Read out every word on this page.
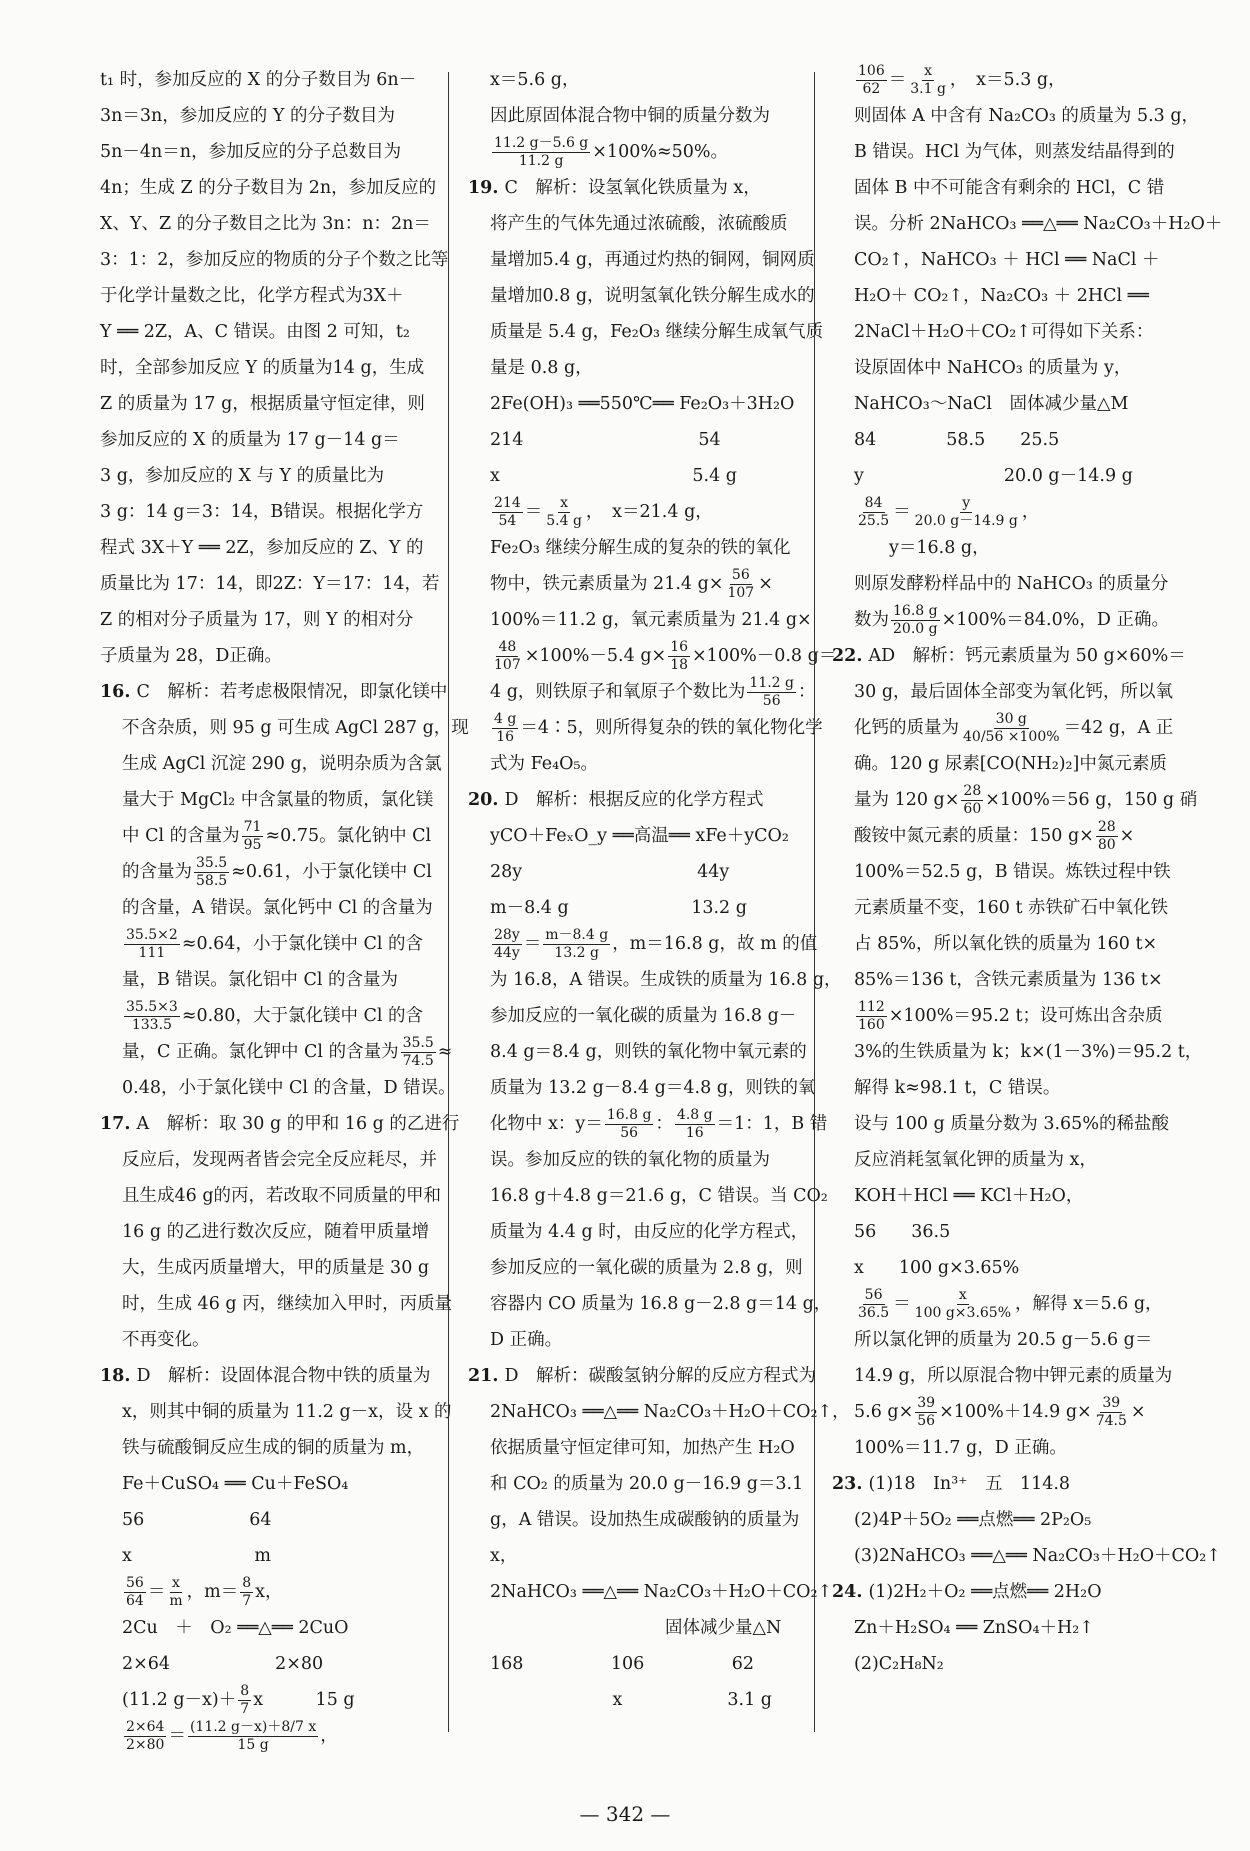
t₁ 时，参加反应的 X 的分子数目为 6n－
3n＝3n，参加反应的 Y 的分子数目为
5n－4n＝n，参加反应的分子总数目为
4n；生成 Z 的分子数目为 2n，参加反应的
X、Y、Z 的分子数目之比为 3n：n：2n＝
3：1：2，参加反应的物质的分子个数之比等
于化学计量数之比，化学方程式为3X＋
Y ══ 2Z，A、C 错误。由图 2 可知，t₂
时，全部参加反应 Y 的质量为14 g，生成
Z 的质量为 17 g，根据质量守恒定律，则
参加反应的 X 的质量为 17 g－14 g＝
3 g，参加反应的 X 与 Y 的质量比为
3 g：14 g＝3：14，B错误。根据化学方
程式 3X＋Y ══ 2Z，参加反应的 Z、Y 的
质量比为 17：14，即2Z：Y＝17：14，若
Z 的相对分子质量为 17，则 Y 的相对分
子质量为 28，D正确。
16. C　解析：若考虑极限情况，即氯化镁中
不含杂质，则 95 g 可生成 AgCl 287 g，现
生成 AgCl 沉淀 290 g，说明杂质为含氯
量大于 MgCl₂ 中含氯量的物质，氯化镁
中 Cl 的含量为 $\frac{71}{95} \approx 0.75$。氯化钠中 Cl
的含量为 $\frac{35.5}{58.5} \approx 0.61$，小于氯化镁中 Cl
的含量，A 错误。氯化钙中 Cl 的含量为
$\frac{35.5\times 2}{111} \approx 0.64$，小于氯化镁中 Cl 的含
量，B 错误。氯化铝中 Cl 的含量为
$\frac{35.5\times 3}{133.5} \approx 0.80$，大于氯化镁中 Cl 的含
量，C 正确。氯化钾中 Cl 的含量为 $\frac{35.5}{74.5}$ ≈
0.48，小于氯化镁中 Cl 的含量，D 错误。
17. A　解析：取 30 g 的甲和 16 g 的乙进行
反应后，发现两者皆会完全反应耗尽，并
且生成46 g的丙，若改取不同质量的甲和
16 g 的乙进行数次反应，随着甲质量增
大，生成丙质量增大，甲的质量是 30 g
时，生成 46 g 丙，继续加入甲时，丙质量
不再变化。
18. D　解析：设固体混合物中铁的质量为
x，则其中铜的质量为 11.2 g－x，设 x 的
铁与硫酸铜反应生成的铜的质量为 m，
Fe＋CuSO₄ ══ Cu＋FeSO₄
56　　　　　　64
x　　　　　　　m
$\frac{56}{64} = \frac{x}{m}$ ，$m= \frac{8}{7}$ x，
2Cu　＋　O₂ ══△══ 2CuO
2×64　　　　　　2×80
(11.2 $g-x)+ \frac{8}{7}$ x　　　15 g
$\frac{2\times 64}{2\times 80} = \frac{(11.2 g-x)+8/7 x}{15 g}$ ，
x＝5.6 g，
因此原固体混合物中铜的质量分数为
$\frac{11.2 g-5.6 g}{11.2 g} \times 100\%\approx 50\%$。
19. C　解析：设氢氧化铁质量为 x，
将产生的气体先通过浓硫酸，浓硫酸质
量增加5.4 g，再通过灼热的铜网，铜网质
量增加0.8 g，说明氢氧化铁分解生成水的
质量是 5.4 g，Fe₂O₃ 继续分解生成氧气质
量是 0.8 g，
2Fe(OH)₃ ══550℃══ Fe₂O₃＋3H₂O
214　　　　　　　　　　54
x　　　　　　　　　　　5.4 g
$\frac{214}{54} = \frac{x}{5.4 g}$ ，　x＝21.4 g，
Fe₂O₃ 继续分解生成的复杂的铁的氧化
物中，铁元素质量为 21.4 $g\times \frac{56}{107}$ ×
100%＝11.2 g，氧元素质量为 21.4 g×
$\frac{48}{107} \times 100\%-5.4$ $g\times \frac{16}{18} \times 100\%-0.8$ g＝
4 g，则铁原子和氧原子个数比为 $\frac{11.2 g}{56}$ ：
$\frac{4 g}{16}$ ＝4∶5，则所得复杂的铁的氧化物化学
式为 Fe₄O₅。
20. D　解析：根据反应的化学方程式
yCO＋FeₓO_y ══高温══ xFe＋yCO₂
28y　　　　　　　　　　44y
m－8.4 g　　　　　　　13.2 g
$\frac{28y}{44y} = \frac{m-8.4 g}{13.2 g}$ ，m＝16.8 g，故 m 的值
为 16.8，A 错误。生成铁的质量为 16.8 g，
参加反应的一氧化碳的质量为 16.8 g－
8.4 g＝8.4 g，则铁的氧化物中氧元素的
质量为 13.2 g－8.4 g＝4.8 g，则铁的氧
化物中 x：$y= \frac{16.8 g}{56}$ ： $\frac{4.8 g}{16} =1$：1，B 错
误。参加反应的铁的氧化物的质量为
16.8 g＋4.8 g＝21.6 g，C 错误。当 CO₂
质量为 4.4 g 时，由反应的化学方程式，
参加反应的一氧化碳的质量为 2.8 g，则
容器内 CO 质量为 16.8 g－2.8 g＝14 g，
D 正确。
21. D　解析：碳酸氢钠分解的反应方程式为
2NaHCO₃ ══△══ Na₂CO₃＋H₂O＋CO₂↑，
依据质量守恒定律可知，加热产生 H₂O
和 CO₂ 的质量为 20.0 g－16.9 g＝3.1
g，A 错误。设加热生成碳酸钠的质量为
x，
2NaHCO₃ ══△══ Na₂CO₃＋H₂O＋CO₂↑
　　　　　　　　　　固体减少量△N
168　　　　　106　　　　　62
　　　　　　　x　　　　　　3.1 g
$\frac{106}{62} = \frac{x}{3.1 g}$ ，　x＝5.3 g，
则固体 A 中含有 Na₂CO₃ 的质量为 5.3 g，
B 错误。HCl 为气体，则蒸发结晶得到的
固体 B 中不可能含有剩余的 HCl，C 错
误。分析 2NaHCO₃ ══△══ Na₂CO₃＋H₂O＋
CO₂↑，NaHCO₃ ＋ HCl ══ NaCl ＋
H₂O＋ CO₂↑，Na₂CO₃ ＋ 2HCl ══
2NaCl＋H₂O＋CO₂↑可得如下关系：
设原固体中 NaHCO₃ 的质量为 y，
NaHCO₃～NaCl　固体减少量△M
84　　　　58.5　　25.5
y　　　　　　　　20.0 g－14.9 g
$\frac{84}{25.5} = \frac{y}{20.0 g-14.9 g}$ ，
　　y＝16.8 g，
则原发酵粉样品中的 NaHCO₃ 的质量分
数为 $\frac{16.8 g}{20.0 g} \times 100\%=84.0\%$，D 正确。
22. AD　解析：钙元素质量为 50 g×60%＝
30 g，最后固体全部变为氧化钙，所以氧
化钙的质量为 $\frac{30 g}{40/56 \times 100\%} =42$ g，A 正
确。120 g 尿素[CO(NH₂)₂]中氮元素质
量为 120 $g\times \frac{28}{60} \times 100\%=56$ g，150 g 硝
酸铵中氮元素的质量：150 $g\times \frac{28}{80}$ ×
100%＝52.5 g，B 错误。炼铁过程中铁
元素质量不变，160 t 赤铁矿石中氧化铁
占 85%，所以氧化铁的质量为 160 t×
85%＝136 t，含铁元素质量为 136 t×
$\frac{112}{160} \times 100\%=95.2$ t；设可炼出含杂质
3%的生铁质量为 k；k×(1－3%)＝95.2 t，
解得 k≈98.1 t，C 错误。
设与 100 g 质量分数为 3.65%的稀盐酸
反应消耗氢氧化钾的质量为 x，
KOH＋HCl ══ KCl＋H₂O，
56　　36.5
x　　100 g×3.65%
$\frac{56}{36.5} = \frac{x}{100 g\times 3.65\%}$ ，解得 x＝5.6 g，
所以氯化钾的质量为 20.5 g－5.6 g＝
14.9 g，所以原混合物中钾元素的质量为
5.6 $g\times \frac{39}{56} \times 100\%+14.9$ $g\times \frac{39}{74.5}$ ×
100%＝11.7 g，D 正确。
23. (1)18　In³⁺　五　114.8
(2)4P＋5O₂ ══点燃══ 2P₂O₅
(3)2NaHCO₃ ══△══ Na₂CO₃＋H₂O＋CO₂↑
24. (1)2H₂＋O₂ ══点燃══ 2H₂O
Zn＋H₂SO₄ ══ ZnSO₄＋H₂↑
(2)C₂H₈N₂
— 342 —
